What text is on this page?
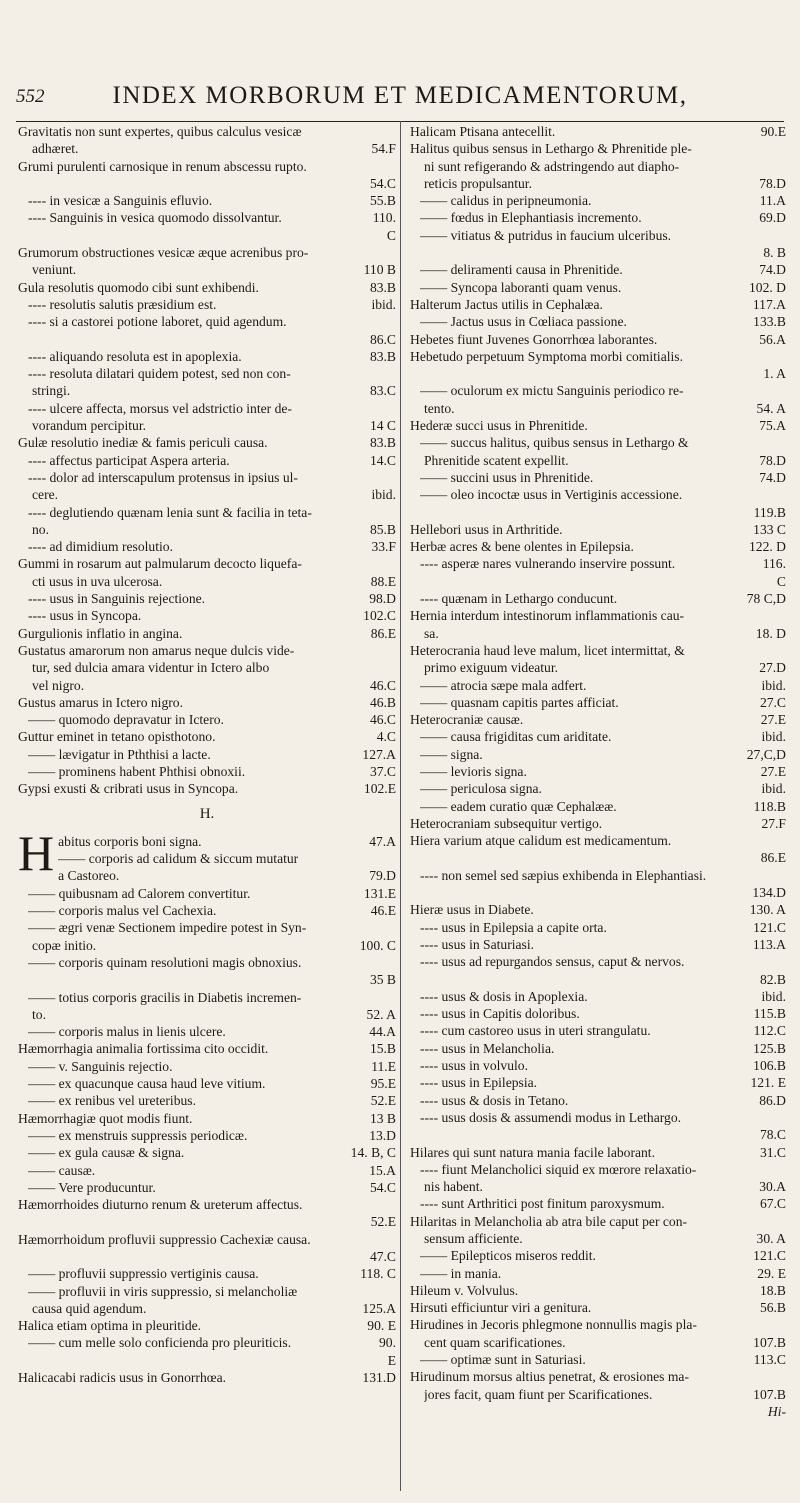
552	INDEX MORBORUM ET MEDICAMENTORUM,
Gravitatis non sunt expertes, quibus calculus vesicæ
adhæret.	54.F
Grumi purulenti carnosique in renum abscessu rupto.
54.C
---- in vesicæ a Sanguinis efluvio.	55.B
---- Sanguinis in vesica quomodo dissolvantur.	110.
C
Grumorum obstructiones vesicæ æque acrenibus pro-
veniunt.	110 B
Gula resolutis quomodo cibi sunt exhibendi.	83.B
---- resolutis salutis præsidium est.	ibid.
---- si a castorei potione laboret, quid agendum.
86.C
---- aliquando resoluta est in apoplexia.	83.B
---- resoluta dilatari quidem potest, sed non con-
stringi.	83.C
---- ulcere affecta, morsus vel adstrictio inter de-
vorandum percipitur.	14 C
Gulæ resolutio inediæ & famis periculi causa.	83.B
---- affectus participat Aspera arteria.	14.C
---- dolor ad interscapulum protensus in ipsius ul-
cere.	ibid.
---- deglutiendo quænam lenia sunt & facilia in teta-
no.	85.B
---- ad dimidium resolutio.	33.F
Gummi in rosarum aut palmularum decocto liquefa-
cti usus in uva ulcerosa.	88.E
---- usus in Sanguinis rejectione.	98.D
---- usus in Syncopa.	102.C
Gurgulionis inflatio in angina.	86.E
Gustatus amarorum non amarus neque dulcis vide-
tur, sed dulcia amara videntur in Ictero albo
vel nigro.	46.C
Gustus amarus in Ictero nigro.	46.B
—— quomodo depravatur in Ictero.	46.C
Guttur eminet in tetano opisthotono.	4.C
—— lævigatur in Pththisi a lacte.	127.A
—— prominens habent Phthisi obnoxii.	37.C
Gypsi exusti & cribrati usus in Syncopa.	102.E
H.
H abitus corporis boni signa.	47.A
—— corporis ad calidum & siccum mutatur
a Castoreo.	79.D
—— quibusnam ad Calorem convertitur.	131.E
—— corporis malus vel Cachexia.	46.E
—— ægri venæ Sectionem impedire potest in Syn-
copæ initio.	100. C
—— corporis quinam resolutioni magis obnoxius.
35 B
—— totius corporis gracilis in Diabetis incremen-
to.	52. A
—— corporis malus in lienis ulcere.	44.A
Hæmorrhagia animalia fortissima cito occidit.	15.B
—— v. Sanguinis rejectio.	11.E
—— ex quacunque causa haud leve vitium.	95.E
—— ex renibus vel ureteribus.	52.E
Hæmorrhagiæ quot modis fiunt.	13 B
—— ex menstruis suppressis periodicæ.	13.D
—— ex gula causæ & signa.	14. B, C
—— causæ.	15.A
—— Vere producuntur.	54.C
Hæmorrhoides diuturno renum & ureterum affectus.
52.E
Hæmorrhoidum profluvii suppressio Cachexiæ causa.
47.C
—— profluvii suppressio vertiginis causa.	118. C
—— profluvii in viris suppressio, si melancholiæ
causa quid agendum.	125.A
Halica etiam optima in pleuritide.	90. E
—— cum melle solo conficienda pro pleuriticis.	90.
E
Halicacabi radicis usus in Gonorrhœa.	131.D
Halicam Ptisana antecellit.	90.E
Halitus quibus sensus in Lethargo & Phrenitide ple-
ni sunt refigerando & adstringendo aut diapho-
reticis propulsantur.	78.D
—— calidus in peripneumonia.	11.A
—— fœdus in Elephantiasis incremento.	69.D
—— vitiatus & putridus in faucium ulceribus.
8. B
—— deliramenti causa in Phrenitide.	74.D
—— Syncopa laboranti quam venus.	102. D
Halterum Jactus utilis in Cephalæa.	117.A
—— Jactus usus in Cœliaca passione.	133.B
Hebetes fiunt Juvenes Gonorrhœa laborantes.	56.A
Hebetudo perpetuum Symptoma morbi comitialis.
1. A
—— oculorum ex mictu Sanguinis periodico re-
tento.	54. A
Hederæ succi usus in Phrenitide.	75.A
—— succus halitus, quibus sensus in Lethargo &
Phrenitide scatent expellit.	78.D
—— succini usus in Phrenitide.	74.D
—— oleo incoctæ usus in Vertiginis accessione.
119.B
Hellebori usus in Arthritide.	133 C
Herbæ acres & bene olentes in Epilepsia.	122. D
---- asperæ nares vulnerando inservire possunt.	116.
C
---- quænam in Lethargo conducunt.	78 C,D
Hernia interdum intestinorum inflammationis cau-
sa.	18. D
Heterocrania haud leve malum, licet intermittat, &
primo exiguum videatur.	27.D
—— atrocia sæpe mala adfert.	ibid.
—— quasnam capitis partes afficiat.	27.C
Heterocraniæ causæ.	27.E
—— causa frigiditas cum ariditate.	ibid.
—— signa.	27,C,D
—— levioris signa.	27.E
—— periculosa signa.	ibid.
—— eadem curatio quæ Cephalææ.	118.B
Heterocraniam subsequitur vertigo.	27.F
Hiera varium atque calidum est medicamentum.
86.E
---- non semel sed sæpius exhibenda in Elephantiasi.
134.D
Hieræ usus in Diabete.	130. A
---- usus in Epilepsia a capite orta.	121.C
---- usus in Saturiasi.	113.A
---- usus ad repurgandos sensus, caput & nervos.
82.B
---- usus & dosis in Apoplexia.	ibid.
---- usus in Capitis doloribus.	115.B
---- cum castoreo usus in uteri strangulatu.	112.C
---- usus in Melancholia.	125.B
---- usus in volvulo.	106.B
---- usus in Epilepsia.	121. E
---- usus & dosis in Tetano.	86.D
---- usus dosis & assumendi modus in Lethargo.
78.C
Hilares qui sunt natura mania facile laborant.	31.C
---- fiunt Melancholici siquid ex mœrore relaxatio-
nis habent.	30.A
---- sunt Arthritici post finitum paroxysmum.	67.C
Hilaritas in Melancholia ab atra bile caput per con-
sensum afficiente.	30. A
—— Epilepticos miseros reddit.	121.C
—— in mania.	29. E
Hileum v. Volvulus.	18.B
Hirsuti efficiuntur viri a genitura.	56.B
Hirudines in Jecoris phlegmone nonnullis magis pla-
cent quam scarificationes.	107.B
—— optimæ sunt in Saturiasi.	113.C
Hirudinum morsus altius penetrat, & erosiones ma-
jores facit, quam fiunt per Scarificationes.	107.B
Hi-
